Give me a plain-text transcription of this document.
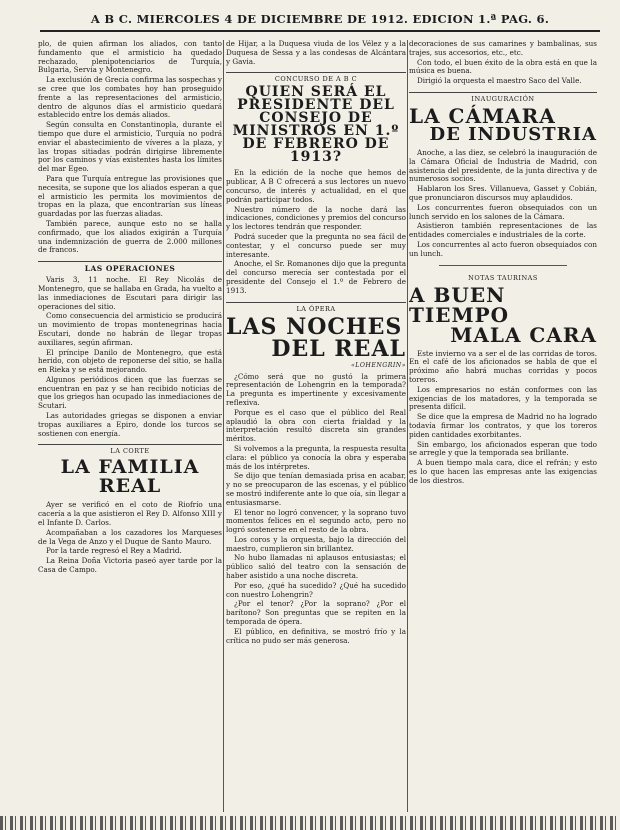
A B C. MIERCOLES 4 DE DICIEMBRE DE 1912. EDICION 1.ª PAG. 6.

plo, de quien afirman los aliados, con tanto fundamento que el armisticio ha quedado rechazado, plenipotenciarios de Turquía, Bulgaria, Servia y Montenegro.

La exclusión de Grecia confirma las sospechas y se cree que los combates hoy han proseguido frente a las representaciones del armisticio, dentro de algunos días el armisticio quedará establecido entre los demás aliados.

Según consulta en Constantinopla, durante el tiempo que dure el armisticio, Turquía no podrá enviar el abastecimiento de víveres a la plaza, y las tropas sitiadas podrán dirigirse libremente por los caminos y vías existentes hasta los límites del mar Egeo.

Para que Turquía entregue las provisiones que necesita, se supone que los aliados esperan a que el armisticio les permita los movimientos de tropas en la plaza, que encontrarían sus líneas guardadas por las fuerzas aliadas.

También parece, aunque esto no se halla confirmado, que los aliados exigirán a Turquía una indemnización de guerra de 2.000 millones de francos.

LAS OPERACIONES

Varis 3, 11 noche. El Rey Nicolás de Montenegro, que se hallaba en Grada, ha vuelto a las inmediaciones de Escutari para dirigir las operaciones del sitio.

Como consecuencia del armisticio se producirá un movimiento de tropas montenegrinas hacia Escutari, donde no habrán de llegar tropas auxiliares, según afirman.

El príncipe Danilo de Montenegro, que está herido, con objeto de reponerse del sitio, se halla en Rieka y se está mejorando.

Algunos periódicos dicen que las fuerzas se encuentran en paz y se han recibido noticias de que los griegos han ocupado las inmediaciones de Scutari.

Las autoridades griegas se disponen a enviar tropas auxiliares a Epiro, donde los turcos se sostienen con energía.

LA CORTE
LA FAMILIA REAL

Ayer se verificó en el coto de Riofrío una cacería a la que asistieron el Rey D. Alfonso XIII y el Infante D. Carlos.

Acompañaban a los cazadores los Marqueses de la Vega de Anzo y el Duque de Santo Mauro.

Por la tarde regresó el Rey a Madrid.

La Reina Doña Victoria paseó ayer tarde por la Casa de Campo.

de Hijar, a la Duquesa viuda de los Vélez y a la Duquesa de Sessa y a las condesas de Alcántara y Gavia.

CONCURSO DE A B C
QUIEN SERÁ EL PRESIDENTE DEL CONSEJO DE MINISTROS EN 1.º DE FEBRERO DE 1913?

En la edición de la noche que hemos de publicar, A B C ofrecerá a sus lectores un nuevo concurso, de interés y actualidad, en el que podrán participar todos.

Nuestro número de la noche dará las indicaciones, condiciones y premios del concurso y los lectores tendrán que responder.

Podrá suceder que la pregunta no sea fácil de contestar, y el concurso puede ser muy interesante.

Anoche, el Sr. Romanones dijo que la pregunta del concurso merecía ser contestada por el presidente del Consejo el 1.º de Febrero de 1913.

LA ÓPERA
LAS NOCHES
DEL REAL
«LOHENGRIN»

¿Cómo será que no gustó la primera representación de Lohengrin en la temporada? La pregunta es impertinente y excesivamente reflexiva.

Porque es el caso que el público del Real aplaudió la obra con cierta frialdad y la interpretación resultó discreta sin grandes méritos.

Si volvemos a la pregunta, la respuesta resulta clara: el público ya conocía la obra y esperaba más de los intérpretes.

Se dijo que tenían demasiada prisa en acabar, y no se preocuparon de las escenas, y el público se mostró indiferente ante lo que oía, sin llegar a entusiasmarse.

El tenor no logró convencer, y la soprano tuvo momentos felices en el segundo acto, pero no logró sostenerse en el resto de la obra.

Los coros y la orquesta, bajo la dirección del maestro, cumplieron sin brillantez.

No hubo llamadas ni aplausos entusiastas; el público salió del teatro con la sensación de haber asistido a una noche discreta.

Por eso, ¿qué ha sucedido? ¿Qué ha sucedido con nuestro Lohengrin?

¿Por el tenor? ¿Por la soprano? ¿Por el barítono? Son preguntas que se repiten en la temporada de ópera.

El público, en definitiva, se mostró frío y la crítica no pudo ser más generosa.

decoraciones de sus camarines y bambalinas, sus trajes, sus accesorios, etc., etc.

Con todo, el buen éxito de la obra está en que la música es buena.

Dirigió la orquesta el maestro Saco del Valle.

INAUGURACIÓN
LA CÁMARA
DE INDUSTRIA

Anoche, a las diez, se celebró la inauguración de la Cámara Oficial de Industria de Madrid, con asistencia del presidente, de la junta directiva y de numerosos socios.

Hablaron los Sres. Villanueva, Gasset y Cobián, que pronunciaron discursos muy aplaudidos.

Los concurrentes fueron obsequiados con un lunch servido en los salones de la Cámara.

Asistieron también representaciones de las entidades comerciales e industriales de la corte.

Los concurrentes al acto fueron obsequiados con un lunch.

NOTAS TAURINAS
A BUEN TIEMPO
MALA CARA

Este invierno va a ser el de las corridas de toros. En el café de los aficionados se habla de que el próximo año habrá muchas corridas y pocos toreros.

Los empresarios no están conformes con las exigencias de los matadores, y la temporada se presenta difícil.

Se dice que la empresa de Madrid no ha logrado todavía firmar los contratos, y que los toreros piden cantidades exorbitantes.

Sin embargo, los aficionados esperan que todo se arregle y que la temporada sea brillante.

A buen tiempo mala cara, dice el refrán; y esto es lo que hacen las empresas ante las exigencias de los diestros.
